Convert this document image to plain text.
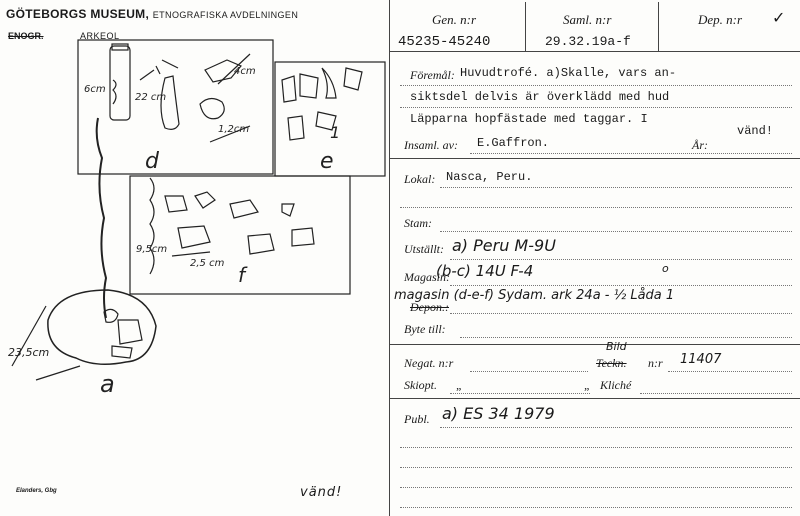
GÖTEBORGS MUSEUM, ETNOGRAFISKA AVDELNINGEN
ENOGR.	ARKEOL
d	e
1
f
a
6cm
22 cm
4cm
1,2cm
9,5cm
2,5 cm
23,5cm
Elanders, Gbg	vänd!
Gen. n:r
45235-45240
Saml. n:r
29.32.19a-f
Dep. n:r ✓
Föremål: Huvudtrofé. a)Skalle, vars an-
siktsdel delvis är överklädd med hud
Läpparna hopfästade med taggar. I
vänd!
Insaml. av: E.Gaffron.	År:
Lokal: Nasca, Peru.
Stam:
Utställt: a) Peru M-9U
Magasin:
(b-c) 14U F-4	o
Depon.:
magasin (d-e-f) Sydam. ark 24a - ½ Låda 1
Byte till:
Negat. n:r
Bild
Teckn. n:r 11407
Skiopt. „	Kliché
„
Publ. a) ES 34 1979
